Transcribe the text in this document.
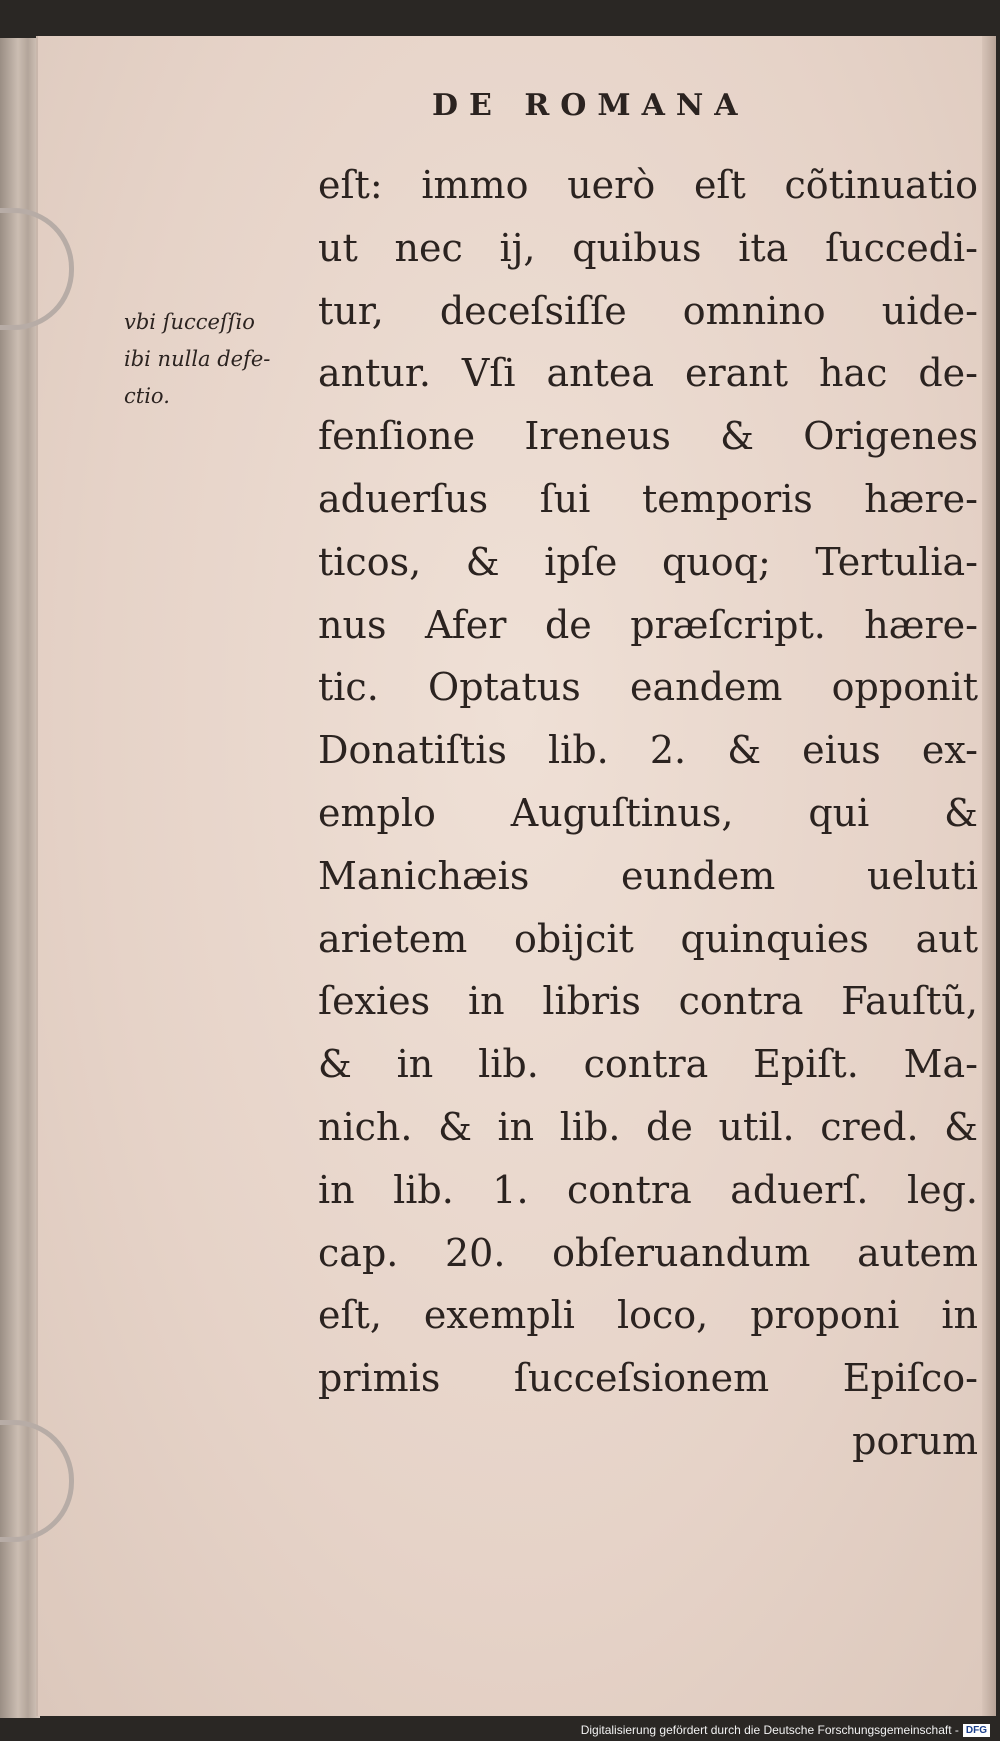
DE ROMANA
vbi ſucceſſio
ibi nulla defe-
ctio.
eſt: immo uerò eſt cõtinuatio
ut nec ij, quibus ita ſuccedi-
tur, deceſsiſſe omnino uide-
antur. Vſi antea erant hac de-
fenſione Ireneus & Origenes
aduerſus ſui temporis hære-
ticos, & ipſe quoq; Tertulia-
nus Afer de præſcript. hære-
tic. Optatus eandem opponit
Donatiſtis lib. 2. & eius ex-
emplo Auguſtinus, qui &
Manichæis eundem ueluti
arietem obijcit quinquies aut
ſexies in libris contra Fauſtũ,
& in lib. contra Epiſt. Ma-
nich. & in lib. de util. cred. &
in lib. 1. contra aduerſ. leg.
cap. 20. obſeruandum autem
eſt, exempli loco, proponi in
primis ſucceſsionem Epiſco-
porum
Digitalisierung gefördert durch die Deutsche Forschungsgemeinschaft - DFG
